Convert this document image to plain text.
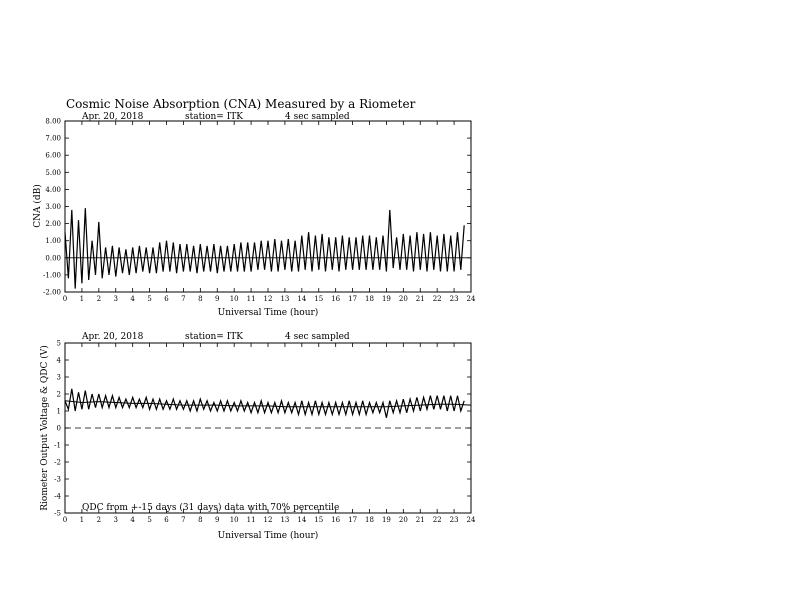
Cosmic Noise Absorption (CNA) Measured by a Riometer
Apr. 20, 2018	station= ITK	4 sec sampled
0 1 2 3 4 5 6 7 8 9 10 11 12 13 14 15 16 17 18 19 20 21 22 23 24
-2.00
-1.00
0.00
1.00
2.00
3.00
4.00
5.00
6.00
7.00
8.00
Universal Time (hour)
CNA (dB)
Apr. 20, 2018	station= ITK	4 sec sampled
0 1 2 3 4 5 6 7 8 9 10 11 12 13 14 15 16 17 18 19 20 21 22 23 24
-5
-4
-3
-2
-1
0
1
2
3
4
5
QDC from +-15 days (31 days) data with 70% percentile
Universal Time (hour)
Riometer Output Voltage & QDC (V)
